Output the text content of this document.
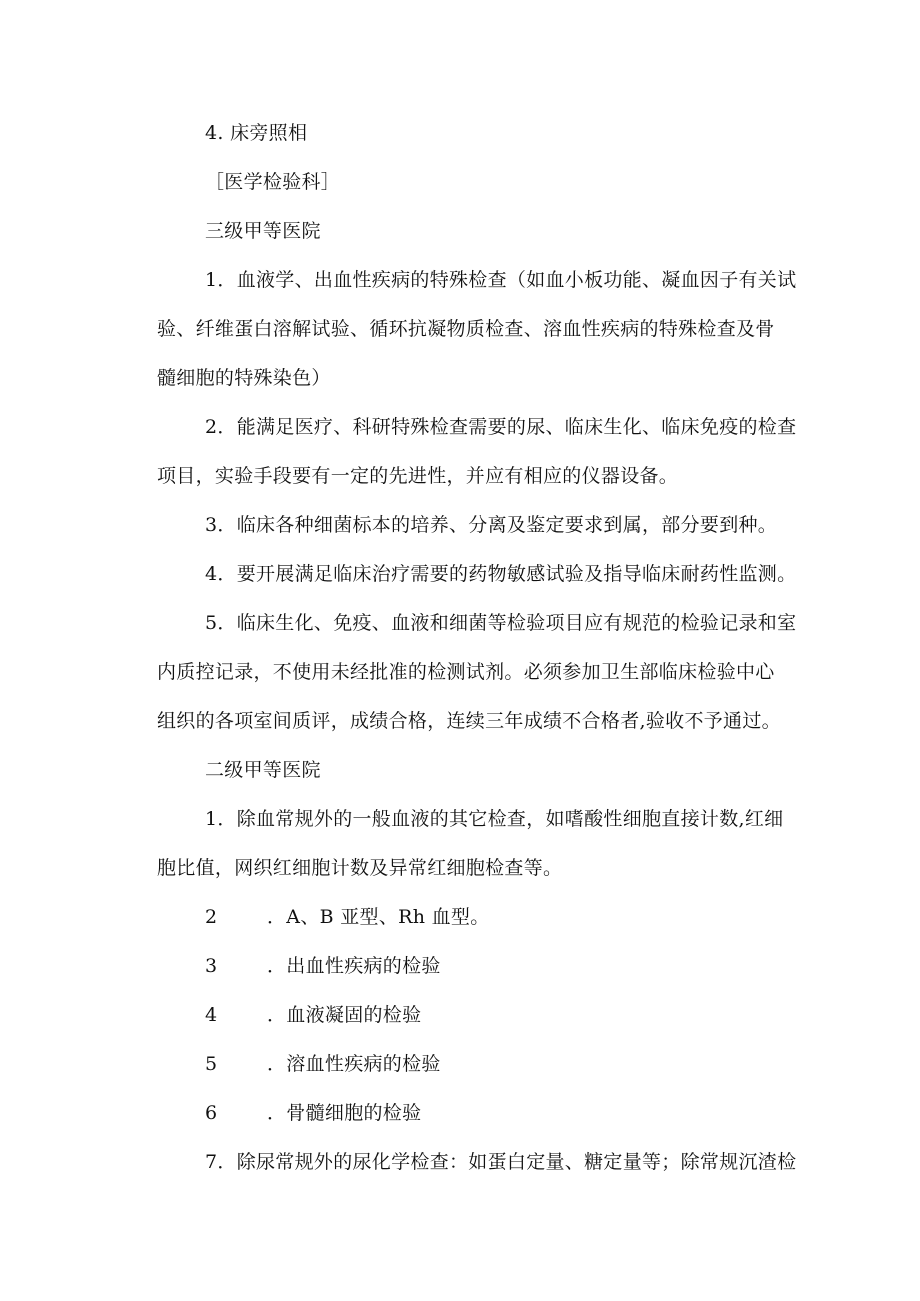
4. 床旁照相
［医学检验科］
三级甲等医院
1．血液学、出血性疾病的特殊检查（如血小板功能、凝血因子有关试
验、纤维蛋白溶解试验、循环抗凝物质检查、溶血性疾病的特殊检查及骨
髓细胞的特殊染色）
2．能满足医疗、科研特殊检查需要的尿、临床生化、临床免疫的检查
项目，实验手段要有一定的先进性，并应有相应的仪器设备。
3．临床各种细菌标本的培养、分离及鉴定要求到属，部分要到种。
4．要开展满足临床治疗需要的药物敏感试验及指导临床耐药性监测。
5．临床生化、免疫、血液和细菌等检验项目应有规范的检验记录和室
内质控记录，不使用未经批准的检测试剂。必须参加卫生部临床检验中心
组织的各项室间质评，成绩合格，连续三年成绩不合格者,验收不予通过。
二级甲等医院
1．除血常规外的一般血液的其它检查，如嗜酸性细胞直接计数,红细
胞比值，网织红细胞计数及异常红细胞检查等。
2	．A、B 亚型、Rh 血型。
3	．出血性疾病的检验
4	．血液凝固的检验
5	．溶血性疾病的检验
6	．骨髓细胞的检验
7．除尿常规外的尿化学检查：如蛋白定量、糖定量等；除常规沉渣检
